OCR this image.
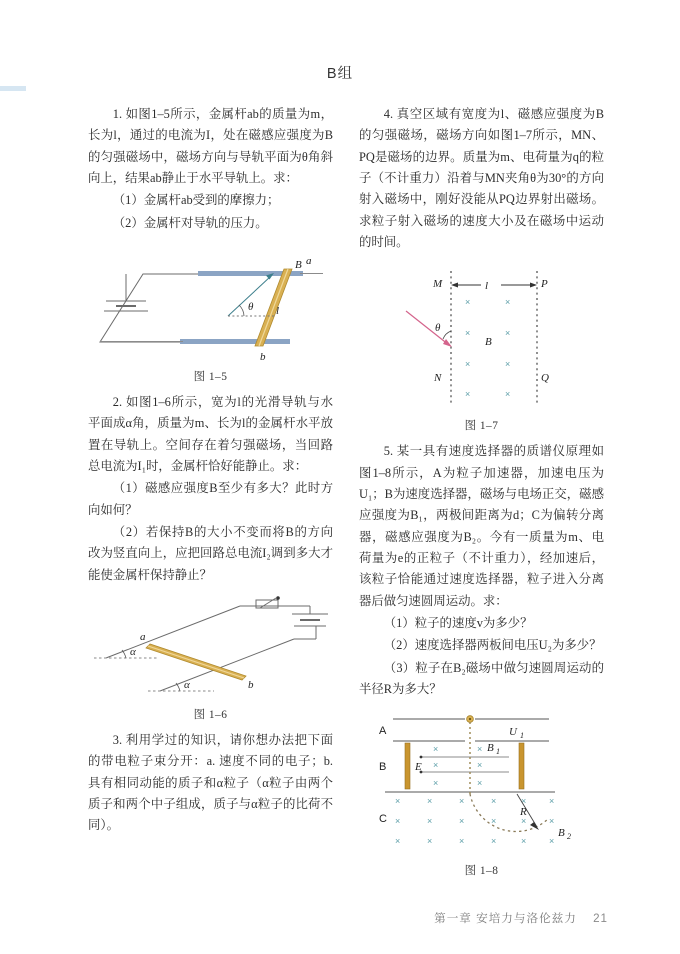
B组

1. 如图1–5所示，金属杆ab的质量为m，长为l，通过的电流为I，处在磁感应强度为B的匀强磁场中，磁场方向与导轨平面为θ角斜向上，结果ab静止于水平导轨上。求：

（1）金属杆ab受到的摩擦力；

（2）金属杆对导轨的压力。

B a
b
θ l
图 1–5

2. 如图1–6所示，宽为l的光滑导轨与水平面成α角，质量为m、长为l的金属杆水平放置在导轨上。空间存在着匀强磁场，当回路总电流为I₁时，金属杆恰好能静止。求：

（1）磁感应强度B至少有多大？此时方向如何？

（2）若保持B的大小不变而将B的方向改为竖直向上，应把回路总电流I₂调到多大才能使金属杆保持静止？

α
α
a
b
图 1–6

3. 利用学过的知识，请你想办法把下面的带电粒子束分开：a. 速度不同的电子；b. 具有相同动能的质子和α粒子（α粒子由两个质子和两个中子组成，质子与α粒子的比荷不同）。

4. 真空区域有宽度为l、磁感应强度为B的匀强磁场，磁场方向如图1–7所示，MN、PQ是磁场的边界。质量为m、电荷量为q的粒子（不计重力）沿着与MN夹角θ为30°的方向射入磁场中，刚好没能从PQ边界射出磁场。求粒子射入磁场的速度大小及在磁场中运动的时间。

l
×	×
×	×
×	×
×	×
θ
M	P
N	Q
B
图 1–7

5. 某一具有速度选择器的质谱仪原理如图1–8所示，A为粒子加速器，加速电压为U₁；B为速度选择器，磁场与电场正交，磁感应强度为B₁，两极间距离为d；C为偏转分离器，磁感应强度为B₂。今有一质量为m、电荷量为e的正粒子（不计重力），经加速后，该粒子恰能通过速度选择器，粒子进入分离器后做匀速圆周运动。求：

（1）粒子的速度v为多少？

（2）速度选择器两板间电压U₂为多少？

（3）粒子在B₂磁场中做匀速圆周运动的半径R为多大？

A	U 1
B	E
×	×
×	×
×	×
B 1
×	×	×	×	×	×
×	×	×	×	×	×
×	×	×	×	×	×
C
R
B 2
图 1–8
第一章 安培力与洛伦兹力 21
